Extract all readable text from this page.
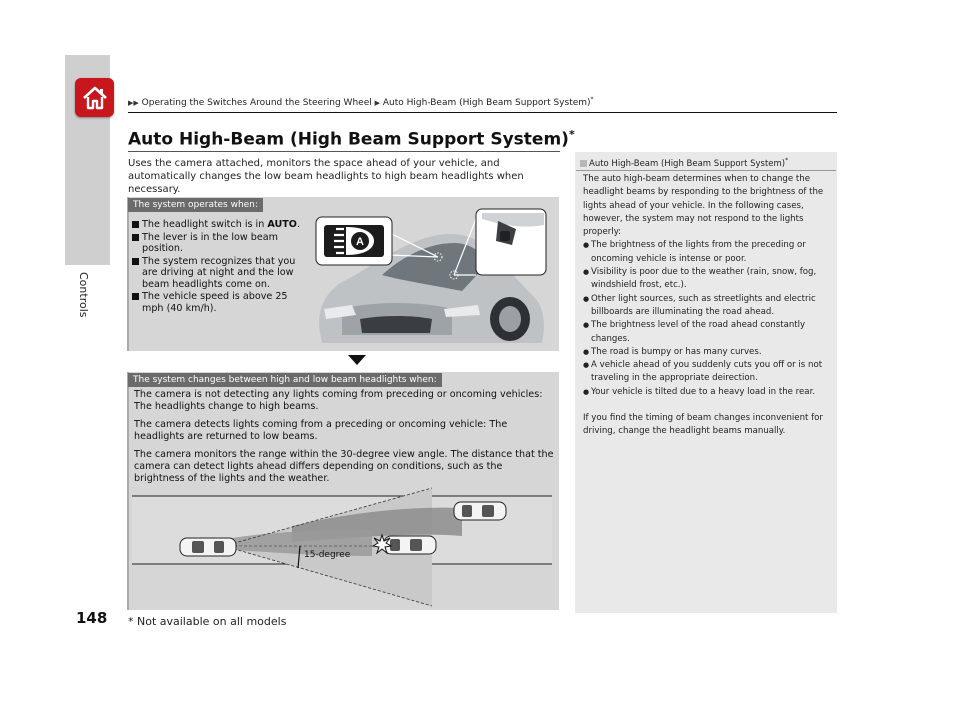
Controls
148
▶▶ Operating the Switches Around the Steering Wheel ▶ Auto High-Beam (High Beam Support System)*
Auto High-Beam (High Beam Support System)*

Uses the camera attached, monitors the space ahead of your vehicle, and automatically changes the low beam headlights to high beam headlights when necessary.

The system operates when:
The headlight switch is in AUTO.
The lever is in the low beam position.
The system recognizes that you are driving at night and the low beam headlights come on.
The vehicle speed is above 25 mph (40 km/h).
A
The system changes between high and low beam headlights when:

The camera is not detecting any lights coming from preceding or oncoming vehicles: The headlights change to high beams.

The camera detects lights coming from a preceding or oncoming vehicle: The headlights are returned to low beams.

The camera monitors the range within the 30-degree view angle. The distance that the camera can detect lights ahead differs depending on conditions, such as the brightness of the lights and the weather.

15-degree
* Not available on all models
Auto High-Beam (High Beam Support System)*

The auto high-beam determines when to change the headlight beams by responding to the brightness of the lights ahead of your vehicle. In the following cases, however, the system may not respond to the lights properly:

● The brightness of the lights from the preceding or oncoming vehicle is intense or poor.
● Visibility is poor due to the weather (rain, snow, fog, windshield frost, etc.).
● Other light sources, such as streetlights and electric billboards are illuminating the road ahead.
● The brightness level of the road ahead constantly changes.
● The road is bumpy or has many curves.
● A vehicle ahead of you suddenly cuts you off or is not traveling in the appropriate deirection.
● Your vehicle is tilted due to a heavy load in the rear.

If you find the timing of beam changes inconvenient for driving, change the headlight beams manually.
